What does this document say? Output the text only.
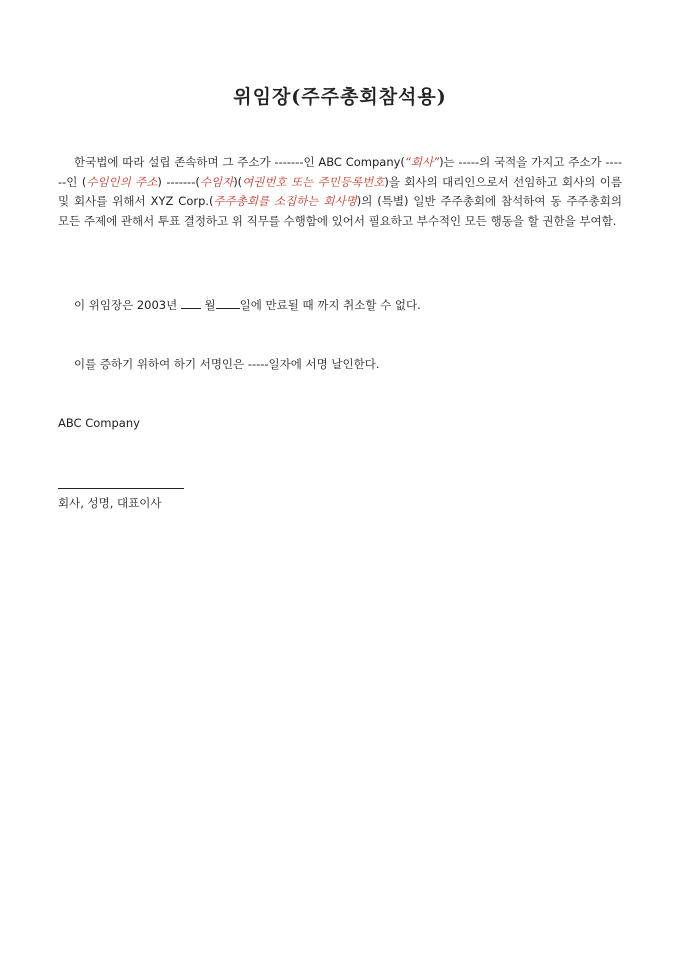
위임장(주주총회참석용)
한국법에 따라 설립 존속하며 그 주소가 -------인 ABC Company(“회사”)는 -----의 국적을 가지고 주소가 ------인 (수임인의 주소) -------(수임자)(여권번호 또는 주민등록번호)을 회사의 대리인으로서 선임하고 회사의 이름 및 회사를 위해서 XYZ Corp.(주주총회를 소집하는 회사명)의 (특별) 일반 주주총회에 참석하여 동 주주총회의 모든 주제에 관해서 투표 결정하고 위 직무를 수행함에 있어서 필요하고 부수적인 모든 행동을 할 권한을 부여함.
이 위임장은 2003년  월 일에 만료될 때 까지 취소할 수 없다.
이를 증하기 위하여 하기 서명인은 -----일자에 서명 날인한다.
ABC Company
회사, 성명, 대표이사
